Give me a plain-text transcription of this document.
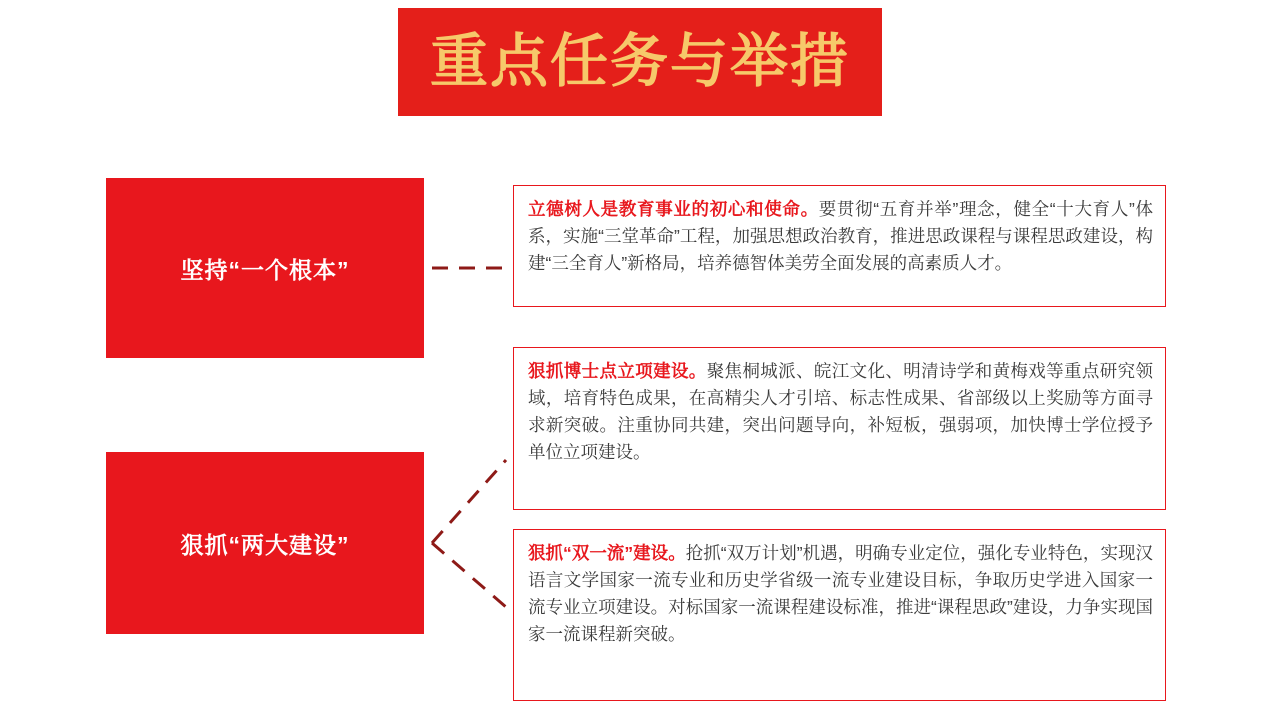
重点任务与举措
坚持“一个根本”
狠抓“两大建设”
立德树人是教育事业的初心和使命。要贯彻“五育并举”理念，健全“十大育人”体系，实施“三堂革命”工程，加强思想政治教育，推进思政课程与课程思政建设，构建“三全育人”新格局，培养德智体美劳全面发展的高素质人才。
狠抓博士点立项建设。聚焦桐城派、皖江文化、明清诗学和黄梅戏等重点研究领域，培育特色成果，在高精尖人才引培、标志性成果、省部级以上奖励等方面寻求新突破。注重协同共建，突出问题导向，补短板，强弱项，加快博士学位授予单位立项建设。
狠抓“双一流”建设。抢抓“双万计划”机遇，明确专业定位，强化专业特色，实现汉语言文学国家一流专业和历史学省级一流专业建设目标，争取历史学进入国家一流专业立项建设。对标国家一流课程建设标准，推进“课程思政”建设，力争实现国家一流课程新突破。
